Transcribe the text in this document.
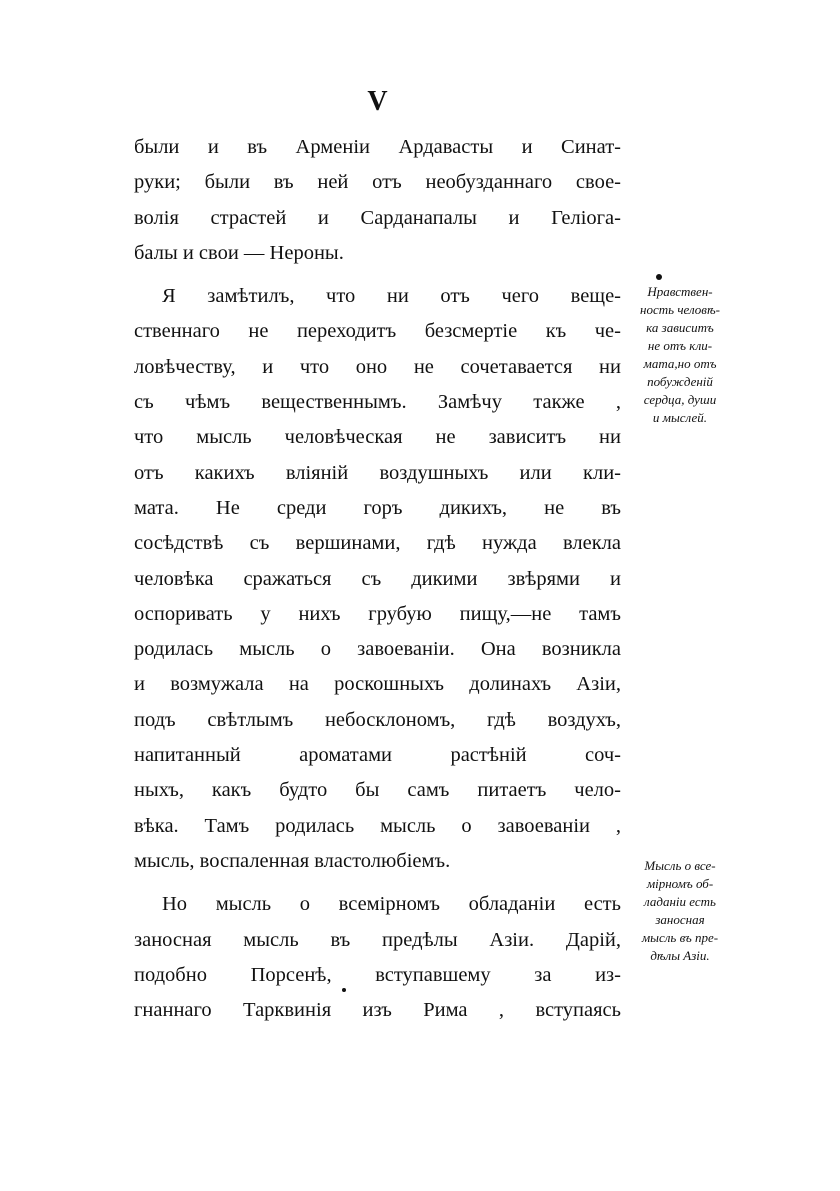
V
были и въ Арменіи Ардавасты и Синат-
руки; были въ ней отъ необузданнаго свое-
волія страстей и Сарданапалы и Геліога-
балы и свои — Нероны.
Я замѣтилъ, что ни отъ чего веще-
ственнаго не переходитъ безсмертіе къ че-
ловѣчеству, и что оно не сочетавается ни
съ чѣмъ вещественнымъ. Замѣчу также ,
что мысль человѣческая не зависитъ ни
отъ какихъ вліяній воздушныхъ или кли-
мата. Не среди горъ дикихъ, не въ
сосѣдствѣ съ вершинами, гдѣ нужда влекла
человѣка сражаться съ дикими звѣрями и
оспоривать у нихъ грубую пищу,—не тамъ
родилась мысль о завоеваніи. Она возникла
и возмужала на роскошныхъ долинахъ Азіи,
подъ свѣтлымъ небосклономъ, гдѣ воздухъ,
напитанный ароматами растѣній соч-
ныхъ, какъ будто бы самъ питаетъ чело-
вѣка. Тамъ родилась мысль о завоеваніи ,
мысль, воспаленная властолюбіемъ.
Но мысль о всемірномъ обладаніи есть
заносная мысль въ предѣлы Азіи. Дарій,
подобно Порсенѣ, вступавшему за из-
гнаннаго Тарквинія изъ Рима , вступаясь
Нравствен-
ность человѣ-
ка зависитъ
не отъ кли-
мата,но отъ
побужденій
сердца, души
и мыслей.
Мысль о все-
мірномъ об-
ладаніи есть
заносная
мысль въ пре-
дѣлы Азіи.
